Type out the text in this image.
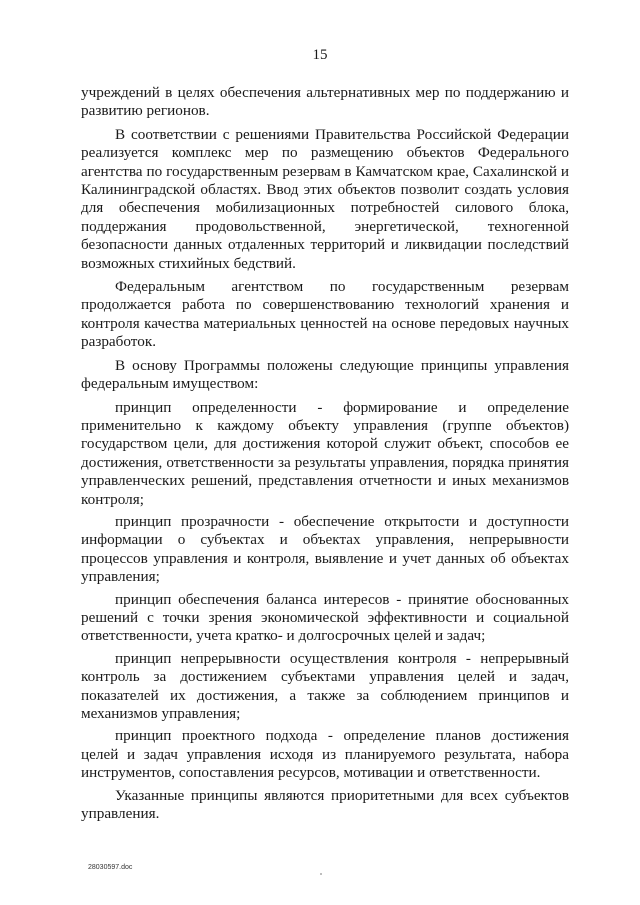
15

учреждений в целях обеспечения альтернативных мер по поддержанию и развитию регионов.

В соответствии с решениями Правительства Российской Федерации реализуется комплекс мер по размещению объектов Федерального агентства по государственным резервам в Камчатском крае, Сахалинской и Калининградской областях. Ввод этих объектов позволит создать условия для обеспечения мобилизационных потребностей силового блока, поддержания продовольственной, энергетической, техногенной безопасности данных отдаленных территорий и ликвидации последствий возможных стихийных бедствий.

Федеральным агентством по государственным резервам продолжается работа по совершенствованию технологий хранения и контроля качества материальных ценностей на основе передовых научных разработок.

В основу Программы положены следующие принципы управления федеральным имуществом:

принцип определенности - формирование и определение применительно к каждому объекту управления (группе объектов) государством цели, для достижения которой служит объект, способов ее достижения, ответственности за результаты управления, порядка принятия управленческих решений, представления отчетности и иных механизмов контроля;

принцип прозрачности - обеспечение открытости и доступности информации о субъектах и объектах управления, непрерывности процессов управления и контроля, выявление и учет данных об объектах управления;

принцип обеспечения баланса интересов - принятие обоснованных решений с точки зрения экономической эффективности и социальной ответственности, учета кратко- и долгосрочных целей и задач;

принцип непрерывности осуществления контроля - непрерывный контроль за достижением субъектами управления целей и задач, показателей их достижения, а также за соблюдением принципов и механизмов управления;

принцип проектного подхода - определение планов достижения целей и задач управления исходя из планируемого результата, набора инструментов, сопоставления ресурсов, мотивации и ответственности.

Указанные принципы являются приоритетными для всех субъектов управления.

28030597.doc
